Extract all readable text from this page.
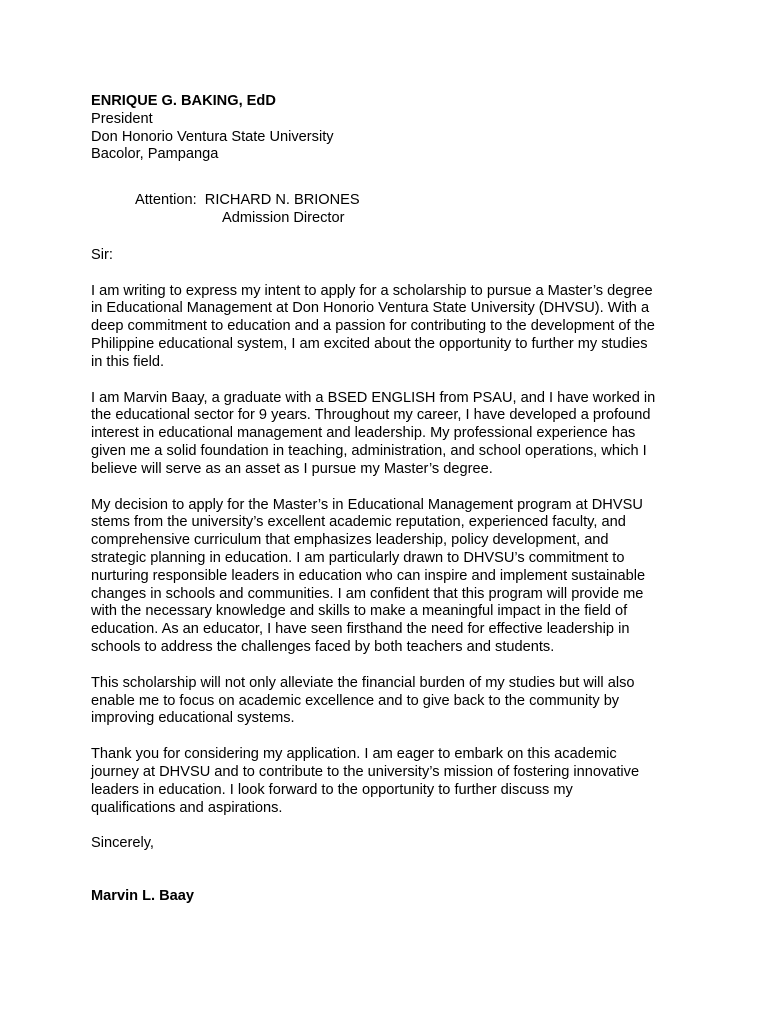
ENRIQUE G. BAKING, EdD
President
Don Honorio Ventura State University
Bacolor, Pampanga
Attention: RICHARD N. BRIONES
Admission Director
Sir:
I am writing to express my intent to apply for a scholarship to pursue a Master’s degree
in Educational Management at Don Honorio Ventura State University (DHVSU). With a
deep commitment to education and a passion for contributing to the development of the
Philippine educational system, I am excited about the opportunity to further my studies
in this field.
I am Marvin Baay, a graduate with a BSED ENGLISH from PSAU, and I have worked in
the educational sector for 9 years. Throughout my career, I have developed a profound
interest in educational management and leadership. My professional experience has
given me a solid foundation in teaching, administration, and school operations, which I
believe will serve as an asset as I pursue my Master’s degree.
My decision to apply for the Master’s in Educational Management program at DHVSU
stems from the university’s excellent academic reputation, experienced faculty, and
comprehensive curriculum that emphasizes leadership, policy development, and
strategic planning in education. I am particularly drawn to DHVSU’s commitment to
nurturing responsible leaders in education who can inspire and implement sustainable
changes in schools and communities. I am confident that this program will provide me
with the necessary knowledge and skills to make a meaningful impact in the field of
education. As an educator, I have seen firsthand the need for effective leadership in
schools to address the challenges faced by both teachers and students.
This scholarship will not only alleviate the financial burden of my studies but will also
enable me to focus on academic excellence and to give back to the community by
improving educational systems.
Thank you for considering my application. I am eager to embark on this academic
journey at DHVSU and to contribute to the university’s mission of fostering innovative
leaders in education. I look forward to the opportunity to further discuss my
qualifications and aspirations.
Sincerely,
Marvin L. Baay
